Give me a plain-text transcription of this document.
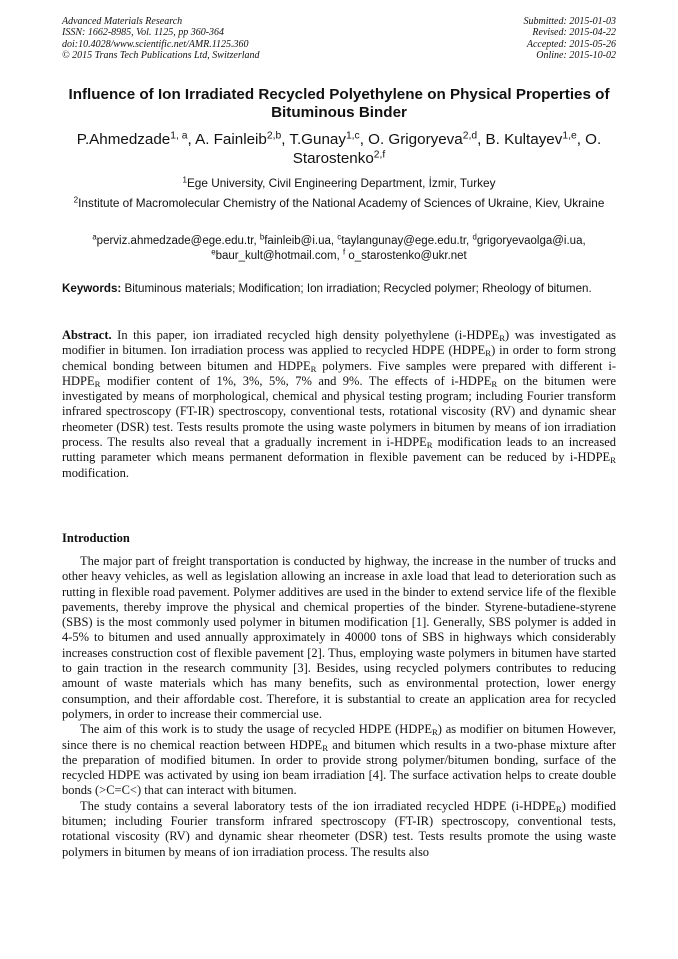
Advanced Materials Research
ISSN: 1662-8985, Vol. 1125, pp 360-364
doi:10.4028/www.scientific.net/AMR.1125.360
© 2015 Trans Tech Publications Ltd, Switzerland
Submitted: 2015-01-03
Revised: 2015-04-22
Accepted: 2015-05-26
Online: 2015-10-02
Influence of Ion Irradiated Recycled Polyethylene on Physical Properties of Bituminous Binder
P.Ahmedzade$^{1, a}$, A. Fainleib$^{2,b}$, T.Gunay$^{1,c}$, O. Grigoryeva$^{2,d}$, B. Kultayev$^{1,e}$, O. Starostenko$^{2,f}$
$^1$Ege University, Civil Engineering Department, İzmir, Turkey
$^2$Institute of Macromolecular Chemistry of the National Academy of Sciences of Ukraine, Kiev, Ukraine
$^a$perviz.ahmedzade@ege.edu.tr, $^b$fainleib@i.ua, $^c$taylangunay@ege.edu.tr, $^d$grigoryevaolga@i.ua,
$^e$baur_kult@hotmail.com, $^f$ o_starostenko@ukr.net
Keywords: Bituminous materials; Modification; Ion irradiation; Recycled polymer; Rheology of bitumen.
Abstract. In this paper, ion irradiated recycled high density polyethylene $(i-HDPE_R)$ was investigated as modifier in bitumen. Ion irradiation process was applied to recycled HDPE $(HDPE_R)$ in order to form strong chemical bonding between bitumen and $HDPE_R$ polymers. Five samples were prepared with different $i-HDPE_R$ modifier content of 1%, 3%, 5%, 7% and 9%. The effects of $i-HDPE_R$ on the bitumen were investigated by means of morphological, chemical and physical testing program; including Fourier transform infrared spectroscopy (FT-IR) spectroscopy, conventional tests, rotational viscosity (RV) and dynamic shear rheometer (DSR) test. Tests results promote the using waste polymers in bitumen by means of ion irradiation process. The results also reveal that a gradually increment in $i-HDPE_R$ modification leads to an increased rutting parameter which means permanent deformation in flexible pavement can be reduced by $i-HDPE_R$ modification.
Introduction

The major part of freight transportation is conducted by highway, the increase in the number of trucks and other heavy vehicles, as well as legislation allowing an increase in axle load that lead to deterioration such as rutting in flexible road pavement. Polymer additives are used in the binder to extend service life of the flexible pavements, thereby improve the physical and chemical properties of the binder. Styrene-butadiene-styrene (SBS) is the most commonly used polymer in bitumen modification [1]. Generally, SBS polymer is added in 4-5% to bitumen and used annually approximately in 40000 tons of SBS in highways which considerably increases construction cost of flexible pavement [2]. Thus, employing waste polymers in bitumen have started to gain traction in the research community [3]. Besides, using recycled polymers contributes to reducing amount of waste materials which has many benefits, such as environmental protection, lower energy consumption, and their affordable cost. Therefore, it is substantial to create an application area for recycled polymers, in order to increase their commercial use.

The aim of this work is to study the usage of recycled HDPE $(HDPE_R)$ as modifier on bitumen However, since there is no chemical reaction between $HDPE_R$ and bitumen which results in a two-phase mixture after the preparation of modified bitumen. In order to provide strong polymer/bitumen bonding, surface of the recycled HDPE was activated by using ion beam irradiation [4]. The surface activation helps to create double bonds (>C=C<) that can interact with bitumen.

The study contains a several laboratory tests of the ion irradiated recycled HDPE $(i-HDPE_R)$ modified bitumen; including Fourier transform infrared spectroscopy (FT-IR) spectroscopy, conventional tests, rotational viscosity (RV) and dynamic shear rheometer (DSR) test. Tests results promote the using waste polymers in bitumen by means of ion irradiation process. The results also
